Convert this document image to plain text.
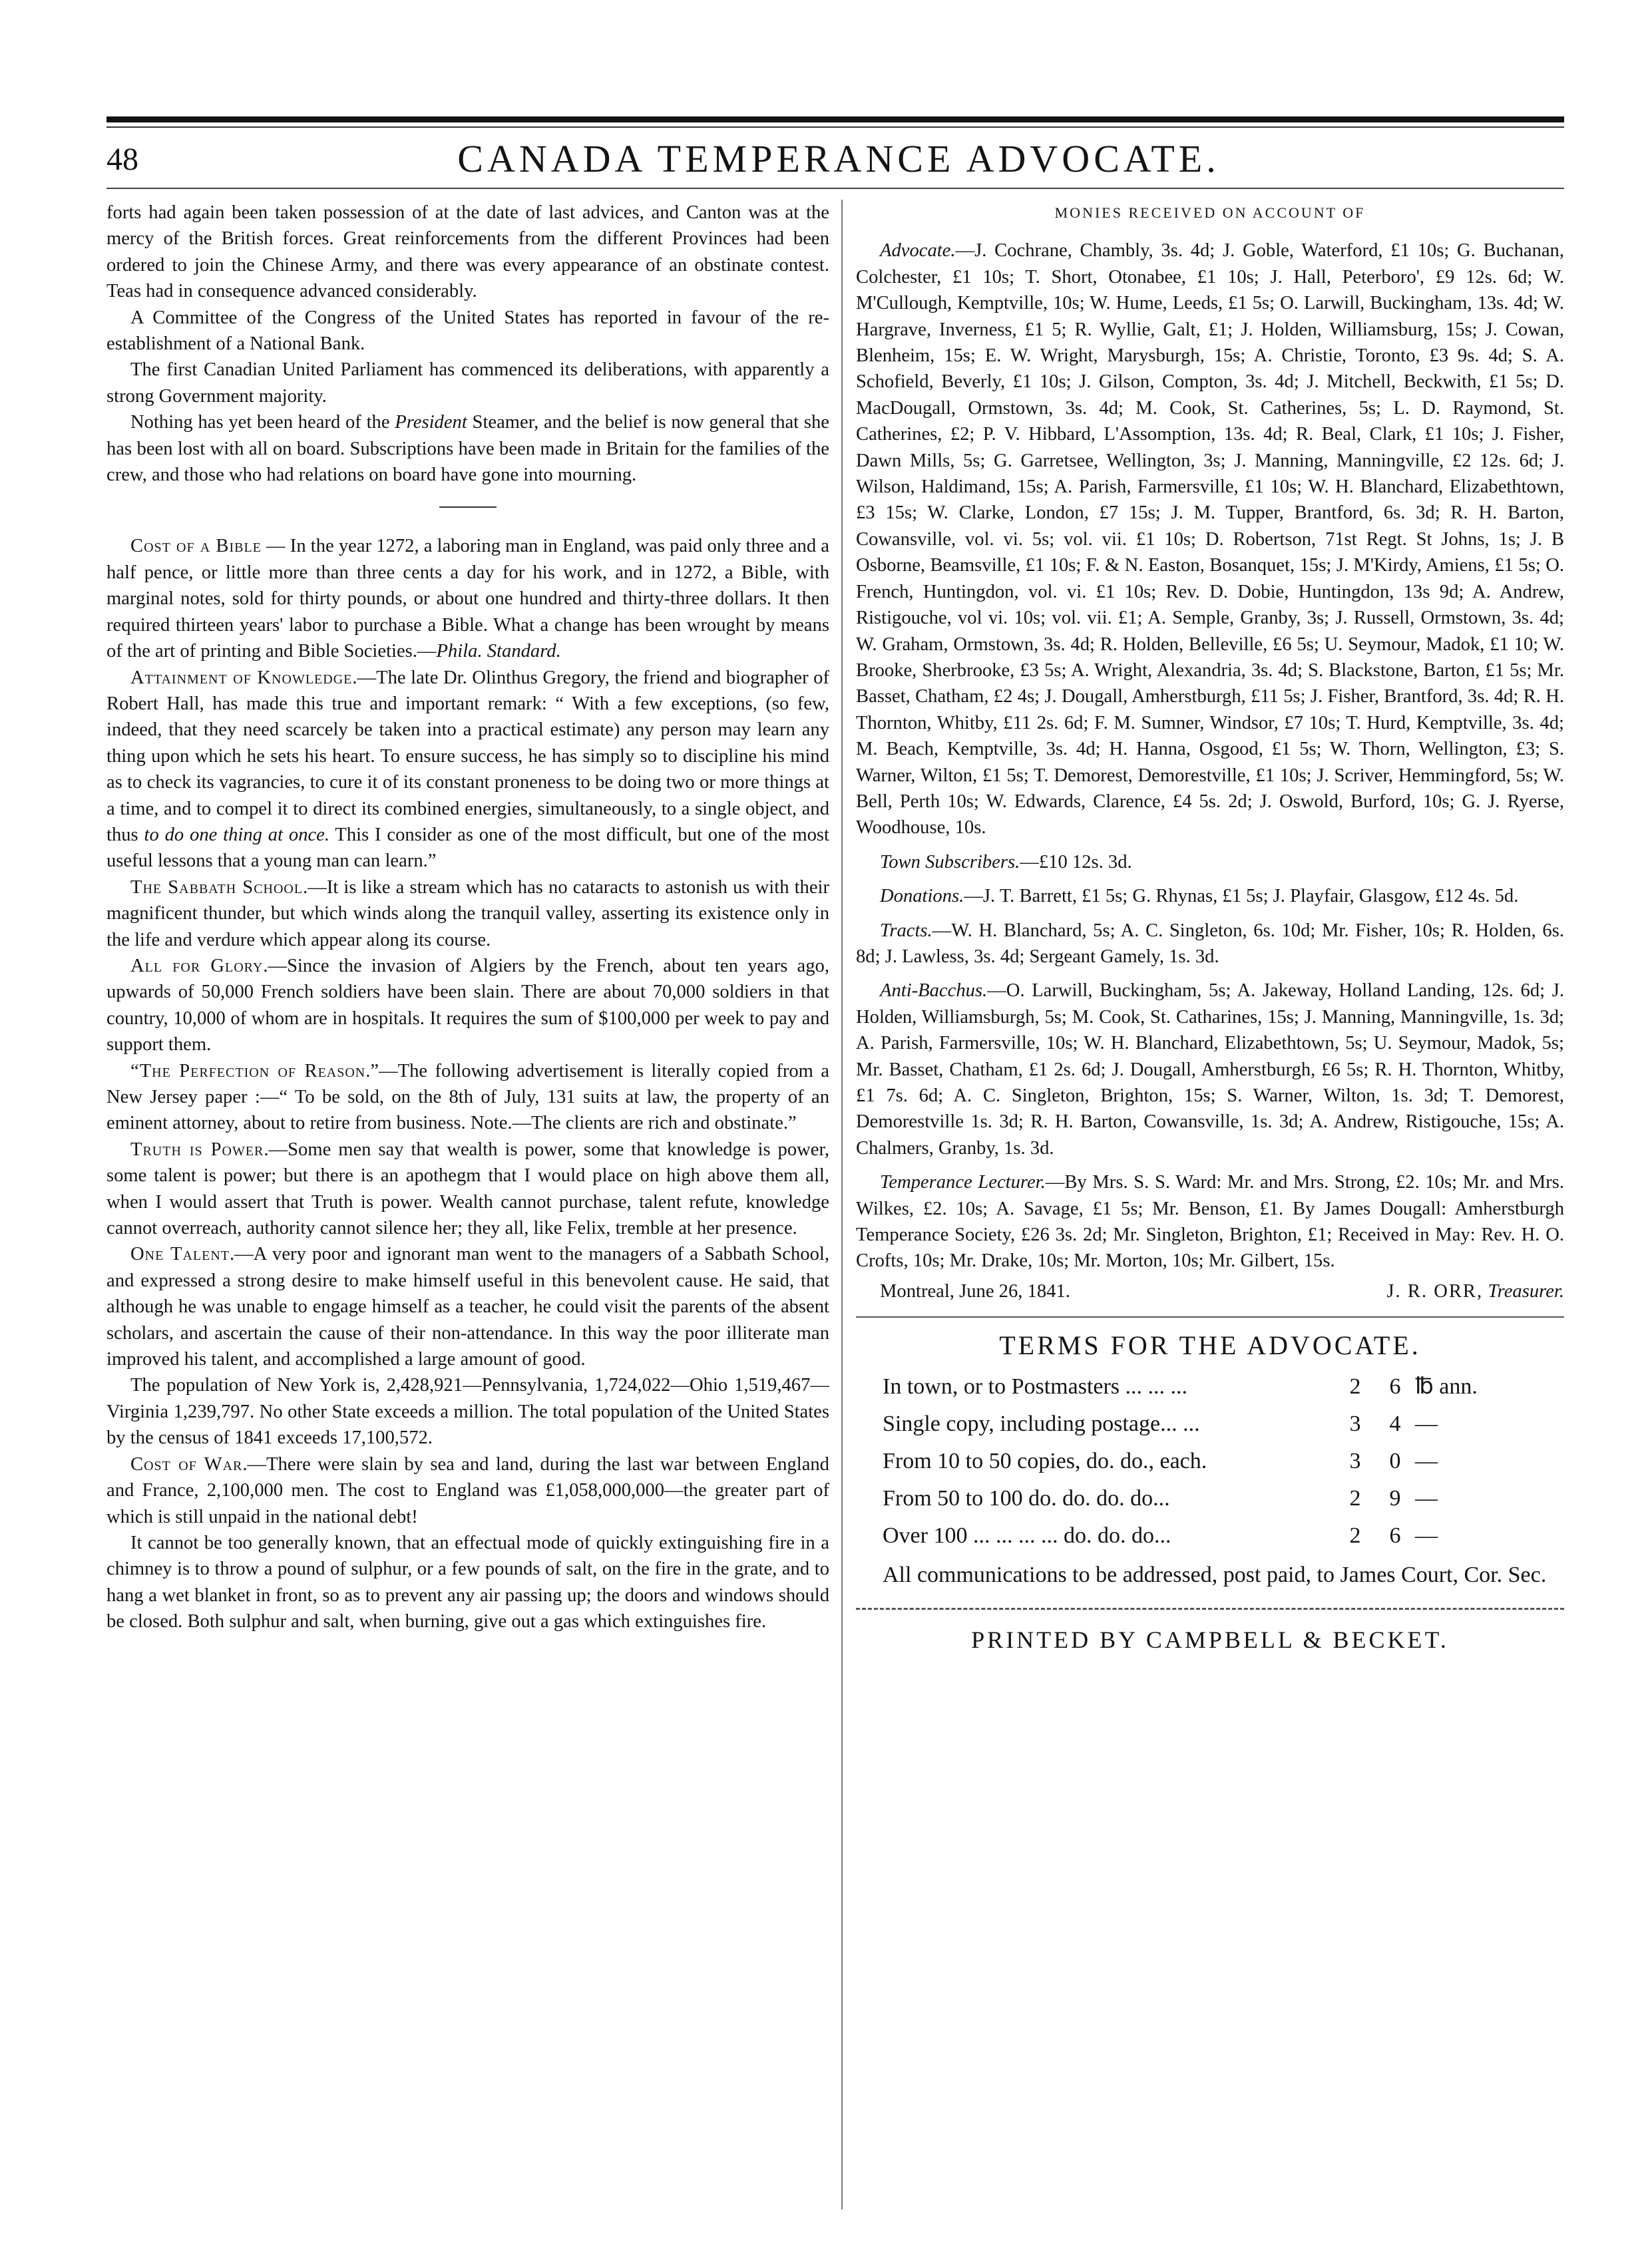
48	CANADA TEMPERANCE ADVOCATE.

forts had again been taken possession of at the date of last advices, and Canton was at the mercy of the British forces. Great reinforcements from the different Provinces had been ordered to join the Chinese Army, and there was every appearance of an obstinate contest. Teas had in consequence advanced considerably.

A Committee of the Congress of the United States has reported in favour of the re-establishment of a National Bank.

The first Canadian United Parliament has commenced its deliberations, with apparently a strong Government majority.

Nothing has yet been heard of the President Steamer, and the belief is now general that she has been lost with all on board. Subscriptions have been made in Britain for the families of the crew, and those who had relations on board have gone into mourning.

Cost of a Bible — In the year 1272, a laboring man in England, was paid only three and a half pence, or little more than three cents a day for his work, and in 1272, a Bible, with marginal notes, sold for thirty pounds, or about one hundred and thirty-three dollars. It then required thirteen years' labor to purchase a Bible. What a change has been wrought by means of the art of printing and Bible Societies.—Phila. Standard.

Attainment of Knowledge.—The late Dr. Olinthus Gregory, the friend and biographer of Robert Hall, has made this true and important remark: “ With a few exceptions, (so few, indeed, that they need scarcely be taken into a practical estimate) any person may learn any thing upon which he sets his heart. To ensure success, he has simply so to discipline his mind as to check its vagrancies, to cure it of its constant proneness to be doing two or more things at a time, and to compel it to direct its combined energies, simultaneously, to a single object, and thus to do one thing at once. This I consider as one of the most difficult, but one of the most useful lessons that a young man can learn.”

The Sabbath School.—It is like a stream which has no cataracts to astonish us with their magnificent thunder, but which winds along the tranquil valley, asserting its existence only in the life and verdure which appear along its course.

All for Glory.—Since the invasion of Algiers by the French, about ten years ago, upwards of 50,000 French soldiers have been slain. There are about 70,000 soldiers in that country, 10,000 of whom are in hospitals. It requires the sum of $100,000 per week to pay and support them.

“The Perfection of Reason.”—The following advertisement is literally copied from a New Jersey paper :—“ To be sold, on the 8th of July, 131 suits at law, the property of an eminent attorney, about to retire from business. Note.—The clients are rich and obstinate.”

Truth is Power.—Some men say that wealth is power, some that knowledge is power, some talent is power; but there is an apothegm that I would place on high above them all, when I would assert that Truth is power. Wealth cannot purchase, talent refute, knowledge cannot overreach, authority cannot silence her; they all, like Felix, tremble at her presence.

One Talent.—A very poor and ignorant man went to the managers of a Sabbath School, and expressed a strong desire to make himself useful in this benevolent cause. He said, that although he was unable to engage himself as a teacher, he could visit the parents of the absent scholars, and ascertain the cause of their non-attendance. In this way the poor illiterate man improved his talent, and accomplished a large amount of good.

The population of New York is, 2,428,921—Pennsylvania, 1,724,022—Ohio 1,519,467—Virginia 1,239,797. No other State exceeds a million. The total population of the United States by the census of 1841 exceeds 17,100,572.

Cost of War.—There were slain by sea and land, during the last war between England and France, 2,100,000 men. The cost to England was £1,058,000,000—the greater part of which is still unpaid in the national debt!

It cannot be too generally known, that an effectual mode of quickly extinguishing fire in a chimney is to throw a pound of sulphur, or a few pounds of salt, on the fire in the grate, and to hang a wet blanket in front, so as to prevent any air passing up; the doors and windows should be closed. Both sulphur and salt, when burning, give out a gas which extinguishes fire.

MONIES RECEIVED ON ACCOUNT OF

Advocate.—J. Cochrane, Chambly, 3s. 4d; J. Goble, Waterford, £1 10s; G. Buchanan, Colchester, £1 10s; T. Short, Otonabee, £1 10s; J. Hall, Peterboro', £9 12s. 6d; W. M'Cullough, Kemptville, 10s; W. Hume, Leeds, £1 5s; O. Larwill, Buckingham, 13s. 4d; W. Hargrave, Inverness, £1 5; R. Wyllie, Galt, £1; J. Holden, Williamsburg, 15s; J. Cowan, Blenheim, 15s; E. W. Wright, Marysburgh, 15s; A. Christie, Toronto, £3 9s. 4d; S. A. Schofield, Beverly, £1 10s; J. Gilson, Compton, 3s. 4d; J. Mitchell, Beckwith, £1 5s; D. MacDougall, Ormstown, 3s. 4d; M. Cook, St. Catherines, 5s; L. D. Raymond, St. Catherines, £2; P. V. Hibbard, L'Assomption, 13s. 4d; R. Beal, Clark, £1 10s; J. Fisher, Dawn Mills, 5s; G. Garretsee, Wellington, 3s; J. Manning, Manningville, £2 12s. 6d; J. Wilson, Haldimand, 15s; A. Parish, Farmersville, £1 10s; W. H. Blanchard, Elizabethtown, £3 15s; W. Clarke, London, £7 15s; J. M. Tupper, Brantford, 6s. 3d; R. H. Barton, Cowansville, vol. vi. 5s; vol. vii. £1 10s; D. Robertson, 71st Regt. St Johns, 1s; J. B Osborne, Beamsville, £1 10s; F. & N. Easton, Bosanquet, 15s; J. M'Kirdy, Amiens, £1 5s; O. French, Huntingdon, vol. vi. £1 10s; Rev. D. Dobie, Huntingdon, 13s 9d; A. Andrew, Ristigouche, vol vi. 10s; vol. vii. £1; A. Semple, Granby, 3s; J. Russell, Ormstown, 3s. 4d; W. Graham, Ormstown, 3s. 4d; R. Holden, Belleville, £6 5s; U. Seymour, Madok, £1 10; W. Brooke, Sherbrooke, £3 5s; A. Wright, Alexandria, 3s. 4d; S. Blackstone, Barton, £1 5s; Mr. Basset, Chatham, £2 4s; J. Dougall, Amherstburgh, £11 5s; J. Fisher, Brantford, 3s. 4d; R. H. Thornton, Whitby, £11 2s. 6d; F. M. Sumner, Windsor, £7 10s; T. Hurd, Kemptville, 3s. 4d; M. Beach, Kemptville, 3s. 4d; H. Hanna, Osgood, £1 5s; W. Thorn, Wellington, £3; S. Warner, Wilton, £1 5s; T. Demorest, Demorestville, £1 10s; J. Scriver, Hemmingford, 5s; W. Bell, Perth 10s; W. Edwards, Clarence, £4 5s. 2d; J. Oswold, Burford, 10s; G. J. Ryerse, Woodhouse, 10s.

Town Subscribers.—£10 12s. 3d.

Donations.—J. T. Barrett, £1 5s; G. Rhynas, £1 5s; J. Playfair, Glasgow, £12 4s. 5d.

Tracts.—W. H. Blanchard, 5s; A. C. Singleton, 6s. 10d; Mr. Fisher, 10s; R. Holden, 6s. 8d; J. Lawless, 3s. 4d; Sergeant Gamely, 1s. 3d.

Anti-Bacchus.—O. Larwill, Buckingham, 5s; A. Jakeway, Holland Landing, 12s. 6d; J. Holden, Williamsburgh, 5s; M. Cook, St. Catharines, 15s; J. Manning, Manningville, 1s. 3d; A. Parish, Farmersville, 10s; W. H. Blanchard, Elizabethtown, 5s; U. Seymour, Madok, 5s; Mr. Basset, Chatham, £1 2s. 6d; J. Dougall, Amherstburgh, £6 5s; R. H. Thornton, Whitby, £1 7s. 6d; A. C. Singleton, Brighton, 15s; S. Warner, Wilton, 1s. 3d; T. Demorest, Demorestville 1s. 3d; R. H. Barton, Cowansville, 1s. 3d; A. Andrew, Ristigouche, 15s; A. Chalmers, Granby, 1s. 3d.

Temperance Lecturer.—By Mrs. S. S. Ward: Mr. and Mrs. Strong, £2. 10s; Mr. and Mrs. Wilkes, £2. 10s; A. Savage, £1 5s; Mr. Benson, £1. By James Dougall: Amherstburgh Temperance Society, £26 3s. 2d; Mr. Singleton, Brighton, £1; Received in May: Rev. H. O. Crofts, 10s; Mr. Drake, 10s; Mr. Morton, 10s; Mr. Gilbert, 15s.

Montreal, June 26, 1841.	J. R. ORR, Treasurer.
TERMS FOR THE ADVOCATE.
In town, or to Postmasters ... ... ...	2	6 ℔ ann.
Single copy, including postage... ...	3	4 —
From 10 to 50 copies, do. do., each.	3	0 —
From 50 to 100 do. do. do. do...	2	9 —
Over 100 ... ... ... ... do. do. do...	2	6 —

All communications to be addressed, post paid, to James Court, Cor. Sec.

PRINTED BY CAMPBELL & BECKET.
